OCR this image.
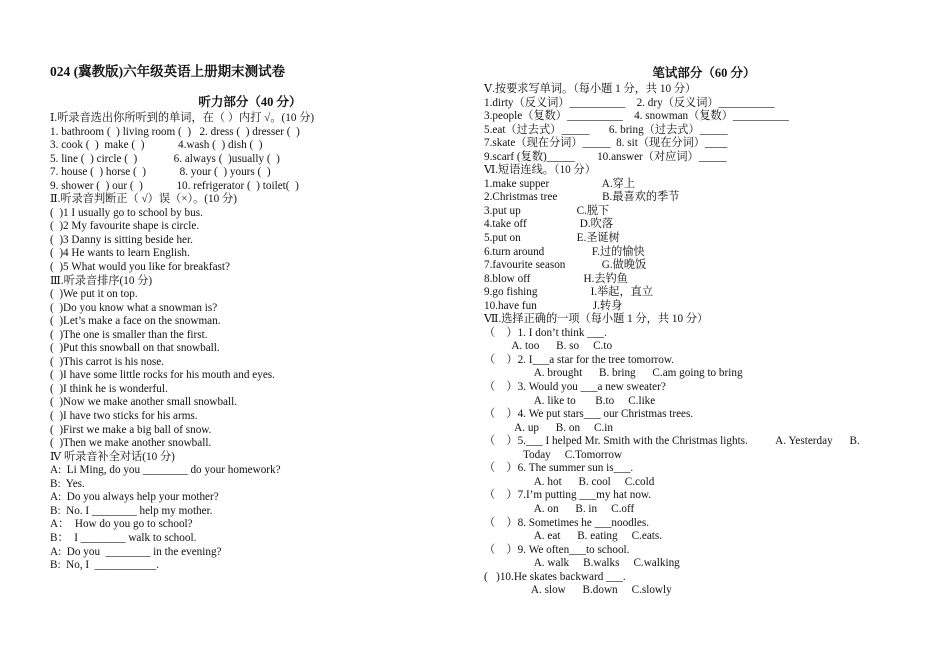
024 (冀教版)六年级英语上册期末测试卷
听力部分（40 分）
Ⅰ.听录音选出你所听到的单词，在（ ）内打 √。(10 分)
1. bathroom (  ) living room (  )   2. dress (  ) dresser (  )
3. cook (  )  make (  )            4.wash (  ) dish (  )
5. line (  ) circle (  )             6. always (  )usually (  )
7. house (  ) horse (  )            8. your (  ) yours (  )
9. shower (  ) our (  )            10. refrigerator (  ) toilet(  )
Ⅱ.听录音判断正（ √）误（×）。(10 分)
(  )1 I usually go to school by bus.
(  )2 My favourite shape is circle.
(  )3 Danny is sitting beside her.
(  )4 He wants to learn English.
(  )5 What would you like for breakfast?
Ⅲ.听录音排序(10 分)
(  )We put it on top.
(  )Do you know what a snowman is?
(  )Let’s make a face on the snowman.
(  )The one is smaller than the first.
(  )Put this snowball on that snowball.
(  )This carrot is his nose.
(  )I have some little rocks for his mouth and eyes.
(  )I think he is wonderful.
(  )Now we make another small snowball.
(  )I have two sticks for his arms.
(  )First we make a big ball of snow.
(  )Then we make another snowball.
Ⅳ 听录音补全对话(10 分)
A:  Li Ming, do you ________ do your homework?
B:  Yes.
A:  Do you always help your mother?
B:  No. I ________ help my mother.
A：  How do you go to school?
B：  I ________ walk to school.
A:  Do you  ________ in the evening?
B:  No, I  ___________.
笔试部分（60 分）
Ⅴ.按要求写单词。（每小题 1 分，共 10 分）
1.dirty（反义词）__________    2. dry（反义词）__________
3.people（复数）__________    4. snowman（复数）__________
5.eat（过去式）_____       6. bring（过去式）_____
7.skate（现在分词）_____  8. sit（现在分词）____
9.scarf (复数)_____        10.answer（对应词）_____
Ⅵ.短语连线。（10 分）
1.make supper                   A.穿上
2.Christmas tree                B.最喜欢的季节
3.put up                    C.脱下
4.take off                   D.吹落
5.put on                    E.圣诞树
6.turn around                 F.过的愉快
7.favourite season             G.做晚饭
8.blow off                   H.去钓鱼
9.go fishing                   I.举起，直立
10.have fun                    J.转身
Ⅶ.选择正确的一项（每小题 1 分，共 10 分）
（    ）1. I don’t think ___.
A. too      B. so     C.to
（    ）2. I___a star for the tree tomorrow.
A. brought      B. bring      C.am going to bring
（    ）3. Would you ___a new sweater?
A. like to       B.to     C.like
（    ）4. We put stars___ our Christmas trees.
A. up      B. on     C.in
（    ）5.___ I helped Mr. Smith with the Christmas lights.          A. Yesterday      B.
Today     C.Tomorrow
（    ）6. The summer sun is___.
A. hot      B. cool     C.cold
（    ）7.I’m putting ___my hat now.
A. on      B. in     C.off
（    ）8. Sometimes he ___noodles.
A. eat      B. eating     C.eats.
（    ）9. We often___to school.
A. walk     B.walks     C.walking
(   )10.He skates backward ___.
A. slow      B.down     C.slowly
